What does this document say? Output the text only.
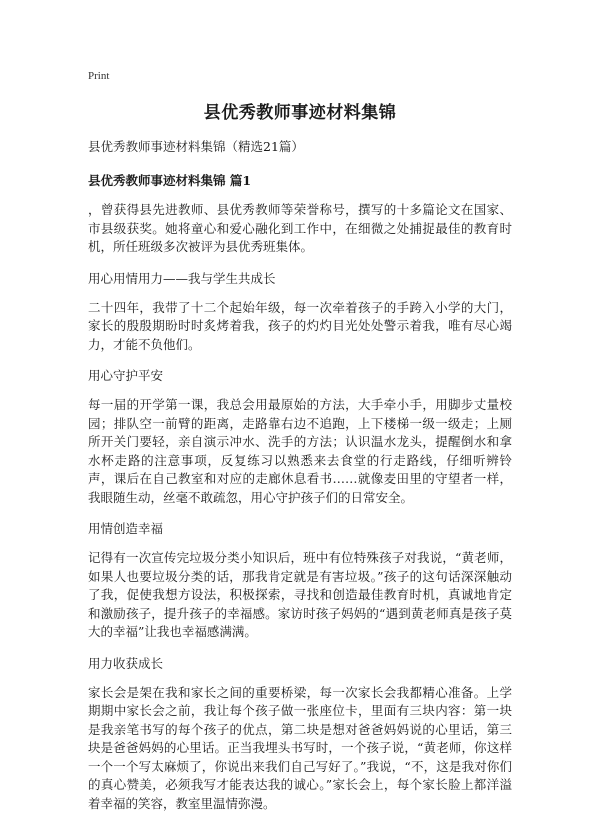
Print
县优秀教师事迹材料集锦
县优秀教师事迹材料集锦（精选21篇）
县优秀教师事迹材料集锦 篇1
，曾获得县先进教师、县优秀教师等荣誉称号，撰写的十多篇论文在国家、市县级获奖。她将童心和爱心融化到工作中，在细微之处捕捉最佳的教育时机，所任班级多次被评为县优秀班集体。
用心用情用力——我与学生共成长
二十四年，我带了十二个起始年级，每一次牵着孩子的手跨入小学的大门，家长的殷殷期盼时时炙烤着我，孩子的灼灼目光处处警示着我，唯有尽心竭力，才能不负他们。
用心守护平安
每一届的开学第一课，我总会用最原始的方法，大手牵小手，用脚步丈量校园；排队空一前臂的距离，走路靠右边不追跑，上下楼梯一级一级走；上厕所开关门要轻，亲自演示冲水、洗手的方法；认识温水龙头，提醒倒水和拿水杯走路的注意事项，反复练习以熟悉来去食堂的行走路线，仔细听辨铃声，课后在自己教室和对应的走廊休息看书……就像麦田里的守望者一样，我眼随生动，丝毫不敢疏忽，用心守护孩子们的日常安全。
用情创造幸福
记得有一次宣传完垃圾分类小知识后，班中有位特殊孩子对我说，“黄老师，如果人也要垃圾分类的话，那我肯定就是有害垃圾。”孩子的这句话深深触动了我，促使我想方设法，积极探索，寻找和创造最佳教育时机，真诚地肯定和激励孩子，提升孩子的幸福感。家访时孩子妈妈的“遇到黄老师真是孩子莫大的幸福”让我也幸福感满满。
用力收获成长
家长会是架在我和家长之间的重要桥梁，每一次家长会我都精心准备。上学期期中家长会之前，我让每个孩子做一张座位卡，里面有三块内容：第一块是我亲笔书写的每个孩子的优点，第二块是想对爸爸妈妈说的心里话，第三块是爸爸妈妈的心里话。正当我埋头书写时，一个孩子说，“黄老师，你这样一个一个写太麻烦了，你说出来我们自己写好了。”我说，“不，这是我对你们的真心赞美，必须我写才能表达我的诚心。”家长会上，每个家长脸上都洋溢着幸福的笑容，教室里温情弥漫。
